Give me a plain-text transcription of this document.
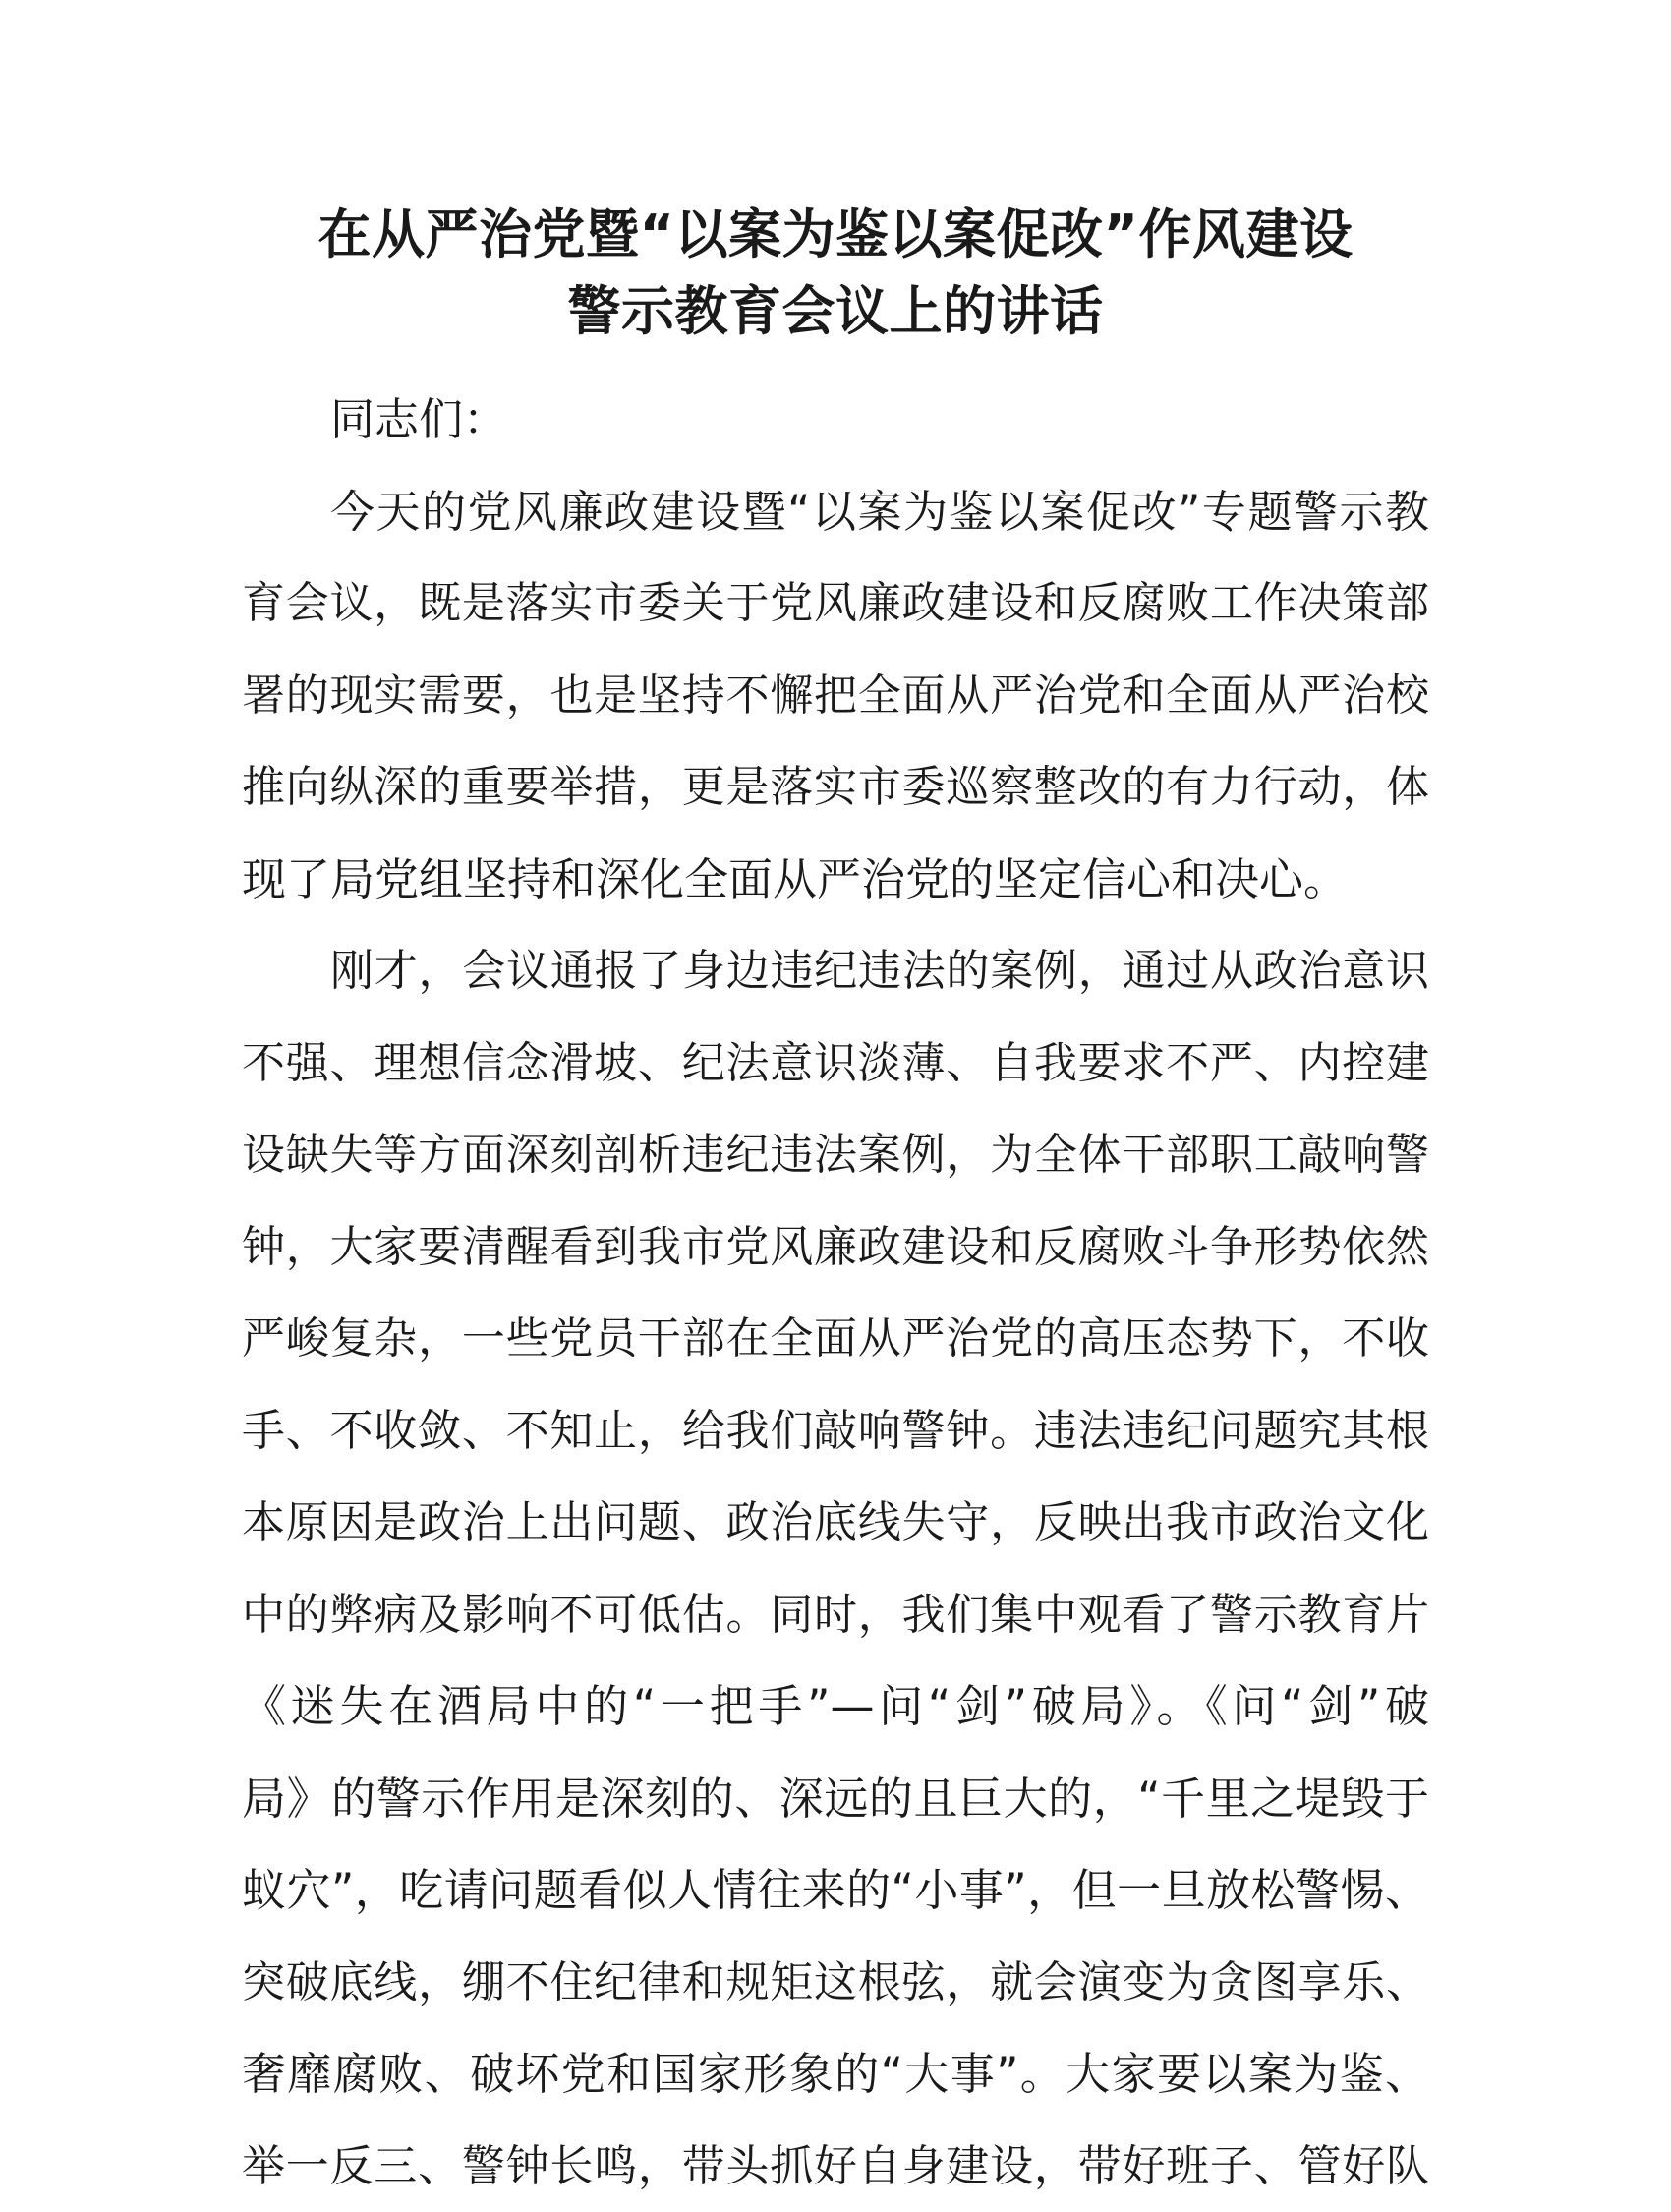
在从严治党暨“以案为鉴以案促改”作风建设
警示教育会议上的讲话

同志们：

今天的党风廉政建设暨“以案为鉴以案促改”专题警示教
育会议，既是落实市委关于党风廉政建设和反腐败工作决策部
署的现实需要，也是坚持不懈把全面从严治党和全面从严治校
推向纵深的重要举措，更是落实市委巡察整改的有力行动，体
现了局党组坚持和深化全面从严治党的坚定信心和决心。

刚才，会议通报了身边违纪违法的案例，通过从政治意识
不强、理想信念滑坡、纪法意识淡薄、自我要求不严、内控建
设缺失等方面深刻剖析违纪违法案例，为全体干部职工敲响警
钟，大家要清醒看到我市党风廉政建设和反腐败斗争形势依然
严峻复杂，一些党员干部在全面从严治党的高压态势下，不收
手、不收敛、不知止，给我们敲响警钟。违法违纪问题究其根
本原因是政治上出问题、政治底线失守，反映出我市政治文化
中的弊病及影响不可低估。同时，我们集中观看了警示教育片
《迷失在酒局中的“一把手”—问“剑”破局》。《问“剑”破
局》的警示作用是深刻的、深远的且巨大的，“千里之堤毁于
蚁穴”，吃请问题看似人情往来的“小事”，但一旦放松警惕、
突破底线，绷不住纪律和规矩这根弦，就会演变为贪图享乐、
奢靡腐败、破坏党和国家形象的“大事”。大家要以案为鉴、
举一反三、警钟长鸣，带头抓好自身建设，带好班子、管好队
